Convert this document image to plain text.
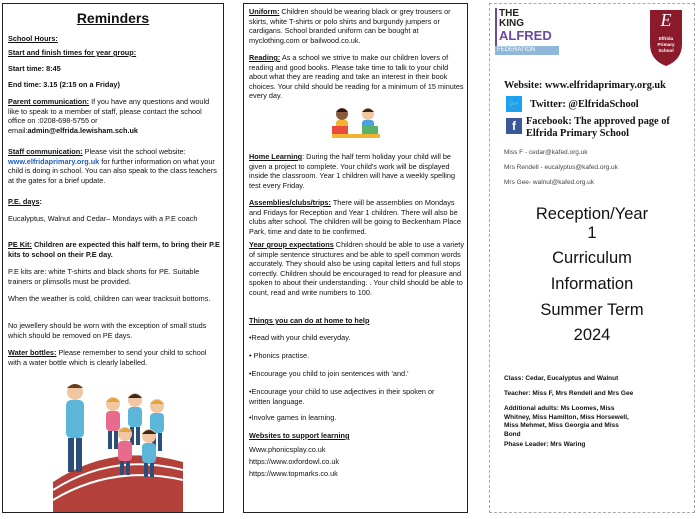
Reminders
School Hours:
Start and finish times for year group:
Start time: 8:45
End time: 3.15 (2:15 on a Friday)
Parent communication: If you have any questions and would like to speak to a member of staff, please contact the school office on :0208-698-5755 or email:admin@elfrida.lewisham.sch.uk
Staff communication: Please visit the school website: www.elfridaprimary.org.uk for further information on what your child is doing in school. You can also speak to the class teachers at the gates for a brief update.
P.E. days:
Eucalyptus, Walnut and Cedar– Mondays with a P.E coach
PE Kit: Children are expected this half term, to bring their P.E kits to school on their P.E day.
P.E kits are: white T-shirts and black shorts for PE. Suitable trainers or plimsolls must be provided.
When the weather is cold, children can wear tracksuit bottoms.
No jewellery should be worn with the exception of small studs which should be removed on PE days.
Water bottles: Please remember to send your child to school with a water bottle which is clearly labelled.
Uniform: Children should be wearing black or grey trousers or skirts, white T-shirts or polo shirts and burgundy jumpers or cardigans. School branded uniform can be bought at myclothing.com or bailwood.co.uk.
Reading: As a school we strive to make our children lovers of reading and good books. Please take time to talk to your child about what they are reading and take an interest in their book choices. Your child should be reading for a minimum of 15 minutes every day.
Home Learning: During the half term holiday your child will be given a project to complete. Your child's work will be displayed inside the classroom. Year 1 children will have a weekly spelling test every Friday.
Assemblies/clubs/trips: There will be assemblies on Mondays and Fridays for Reception and Year 1 children. There will also be clubs after school. The children will be going to Beckenham Place Park, time and date to be confirmed.
Year group expectations Children should be able to use a variety of simple sentence structures and be able to spell common words accurately. They should also be using capital letters and full stops correctly. Children should be encouraged to read for pleasure and spoken to about their understanding. . Your child should be able to count, read and write numbers to 100.
Things you can do at home to help
•Read with your child everyday.
• Phonics practise.
•Encourage you child to join sentences with 'and.'
•Encourage your child to use adjectives in their spoken or written language.
•Involve games in learning.
Websites to support learning
Www.phonicsplay.co.uk
https://www.oxfordowl.co.uk
https://www.topmarks.co.uk
THE
KING
ALFRED
FEDERATION
E
Elfrida Primary School
Website: www.elfridaprimary.org.uk
🐦 Twitter: @ElfridaSchool
f Facebook: The approved page of Elfrida Primary School
Miss F - cedar@kafed.org.uk
Mrs Rendell - eucalyptus@kafed.org.uk
Mrs Gee- walnut@kafed.org.uk
Reception/Year
1
Curriculum
Information
Summer Term
2024
Class: Cedar, Eucalyptus and Walnut
Teacher: Miss F, Mrs Rendell and Mrs Gee
Additional adults: Ms Loomes, Miss Whitney, Miss Hamilton, Miss Horsewell, Miss Mehmet, Miss Georgia and Miss Bond
Phase Leader: Mrs Waring
